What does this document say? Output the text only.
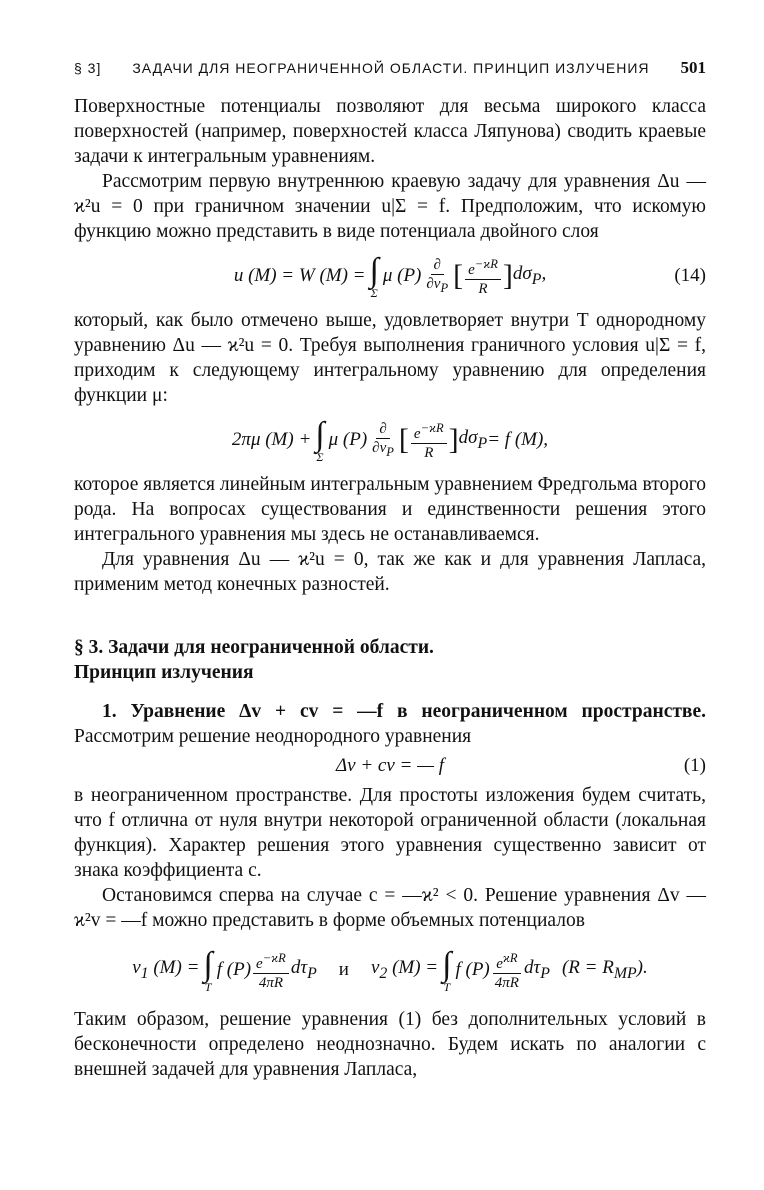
§ 3] ЗАДАЧИ ДЛЯ НЕОГРАНИЧЕННОЙ ОБЛАСТИ. ПРИНЦИП ИЗЛУЧЕНИЯ 501

Поверхностные потенциалы позволяют для весьма широкого класса поверхностей (например, поверхностей класса Ляпунова) сводить краевые задачи к интегральным уравнениям.

Рассмотрим первую внутреннюю краевую задачу для уравнения Δu — ϰ²u = 0 при граничном значении u|Σ = f. Предположим, что искомую функцию можно представить в виде потенциала двойного слоя

u (M) = W (M) = ∫
Σ
μ $(P) \frac{\partial}{\partial\nu_P}$ [ $\frac{e^{-ϰR}}{R}$ ] $d\sigma_P$,	(14)

который, как было отмечено выше, удовлетворяет внутри T однородному уравнению Δu — ϰ²u = 0. Требуя выполнения граничного условия u|Σ = f, приходим к следующему интегральному уравнению для определения функции μ:

2πμ (M) + ∫
Σ
μ $(P) \frac{\partial}{\partial\nu_P}$ [ $\frac{e^{-ϰR}}{R}$ ] $d\sigma_P = f$ (M),

которое является линейным интегральным уравнением Фредгольма второго рода. На вопросах существования и единственности решения этого интегрального уравнения мы здесь не останавливаемся.

Для уравнения Δu — ϰ²u = 0, так же как и для уравнения Лапласа, применим метод конечных разностей.

§ 3. Задачи для неограниченной области.
Принцип излучения

1. Уравнение Δv + cv = —f в неограниченном пространстве. Рассмотрим решение неоднородного уравнения

Δv + cv = — f	(1)

в неограниченном пространстве. Для простоты изложения будем считать, что f отлична от нуля внутри некоторой ограниченной области (локальная функция). Характер решения этого уравнения существенно зависит от знака коэффициента c.

Остановимся сперва на случае c = —ϰ² < 0. Решение уравнения Δv — ϰ²v = —f можно представить в форме объемных потенциалов

$v_1$ (M) = ∫
T
f $(P) \frac{e^{-ϰR}}{4\pi R} d\tau_P$ и $v_2$ (M) = ∫
T
f $(P) \frac{e^{ϰR}}{4\pi R} d\tau_P$ $(R = R_{MP})$.

Таким образом, решение уравнения (1) без дополнительных условий в бесконечности определено неоднозначно. Будем искать по аналогии с внешней задачей для уравнения Лапласа,
